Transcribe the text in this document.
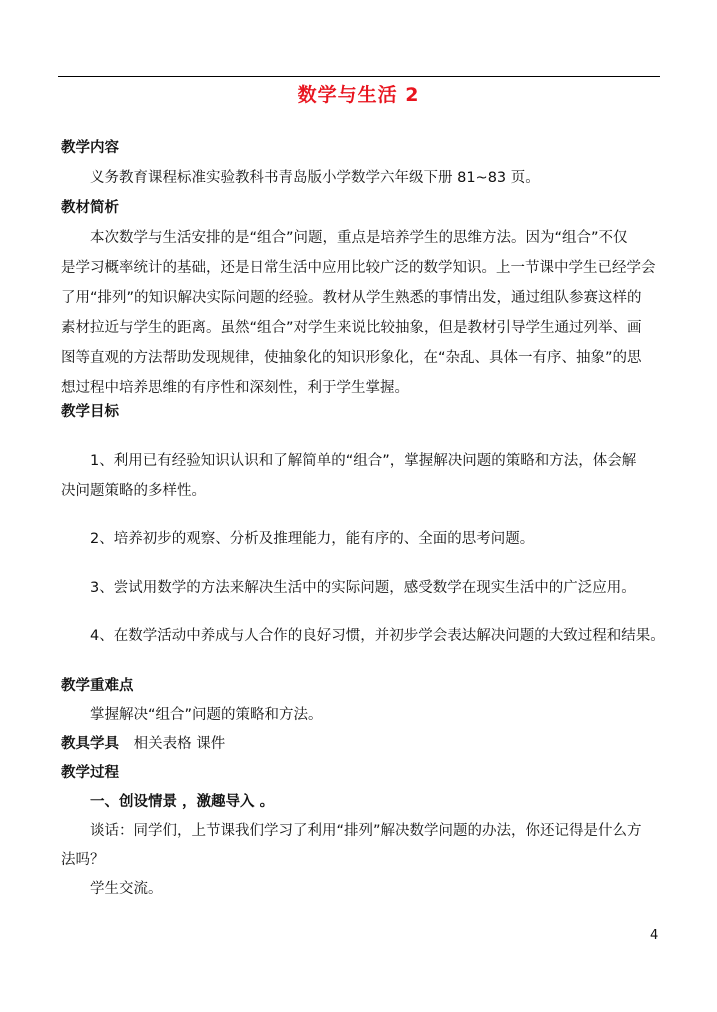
数学与生活 2
教学内容
义务教育课程标准实验教科书青岛版小学数学六年级下册 81~83 页。
教材简析
本次数学与生活安排的是“组合”问题，重点是培养学生的思维方法。因为“组合”不仅
是学习概率统计的基础，还是日常生活中应用比较广泛的数学知识。上一节课中学生已经学会
了用“排列”的知识解决实际问题的经验。教材从学生熟悉的事情出发，通过组队参赛这样的
素材拉近与学生的距离。虽然“组合”对学生来说比较抽象，但是教材引导学生通过列举、画
图等直观的方法帮助发现规律，使抽象化的知识形象化，在“杂乱、具体一有序、抽象”的思
想过程中培养思维的有序性和深刻性，利于学生掌握。
教学目标
1、利用已有经验知识认识和了解简单的“组合”，掌握解决问题的策略和方法，体会解
决问题策略的多样性。
2、培养初步的观察、分析及推理能力，能有序的、全面的思考问题。
3、尝试用数学的方法来解决生活中的实际问题，感受数学在现实生活中的广泛应用。
4、在数学活动中养成与人合作的良好习惯，并初步学会表达解决问题的大致过程和结果。
教学重难点
掌握解决“组合”问题的策略和方法。
教具学具 相关表格 课件
教学过程
一、创设情景 ，激趣导入 。
谈话：同学们，上节课我们学习了利用“排列”解决数学问题的办法，你还记得是什么方
法吗？
学生交流。
4
